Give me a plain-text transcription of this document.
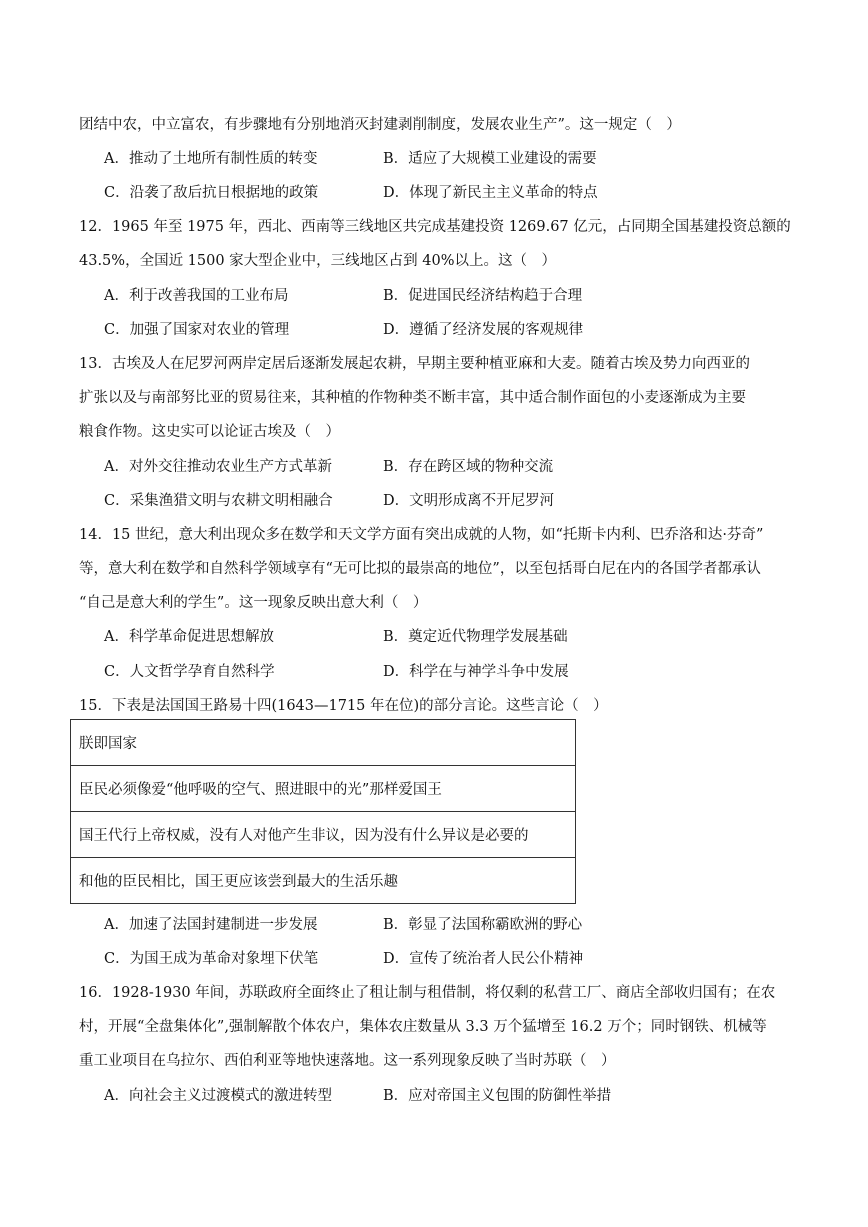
团结中农，中立富农，有步骤地有分别地消灭封建剥削制度，发展农业生产”。这一规定（　）
A．推动了土地所有制性质的转变	B．适应了大规模工业建设的需要
C．沿袭了敌后抗日根据地的政策	D．体现了新民主主义革命的特点
12．1965 年至 1975 年，西北、西南等三线地区共完成基建投资 1269.67 亿元，占同期全国基建投资总额的
43.5%，全国近 1500 家大型企业中，三线地区占到 40%以上。这（　）
A．利于改善我国的工业布局	B．促进国民经济结构趋于合理
C．加强了国家对农业的管理	D．遵循了经济发展的客观规律
13．古埃及人在尼罗河两岸定居后逐渐发展起农耕，早期主要种植亚麻和大麦。随着古埃及势力向西亚的
扩张以及与南部努比亚的贸易往来，其种植的作物种类不断丰富，其中适合制作面包的小麦逐渐成为主要
粮食作物。这史实可以论证古埃及（　）
A．对外交往推动农业生产方式革新	B．存在跨区域的物种交流
C．采集渔猎文明与农耕文明相融合	D．文明形成离不开尼罗河
14．15 世纪，意大利出现众多在数学和天文学方面有突出成就的人物，如“托斯卡内利、巴乔洛和达·芬奇”
等，意大利在数学和自然科学领域享有“无可比拟的最崇高的地位”，以至包括哥白尼在内的各国学者都承认
“自己是意大利的学生”。这一现象反映出意大利（　）
A．科学革命促进思想解放	B．奠定近代物理学发展基础
C．人文哲学孕育自然科学	D．科学在与神学斗争中发展
15．下表是法国国王路易十四(1643—1715 年在位)的部分言论。这些言论（　）
朕即国家
臣民必须像爱“他呼吸的空气、照进眼中的光”那样爱国王
国王代行上帝权威，没有人对他产生非议，因为没有什么异议是必要的
和他的臣民相比，国王更应该尝到最大的生活乐趣
A．加速了法国封建制进一步发展	B．彰显了法国称霸欧洲的野心
C．为国王成为革命对象埋下伏笔	D．宣传了统治者人民公仆精神
16．1928-1930 年间，苏联政府全面终止了租让制与租借制，将仅剩的私营工厂、商店全部收归国有；在农
村，开展“全盘集体化”,强制解散个体农户，集体农庄数量从 3.3 万个猛增至 16.2 万个；同时钢铁、机械等
重工业项目在乌拉尔、西伯利亚等地快速落地。这一系列现象反映了当时苏联（　）
A．向社会主义过渡模式的激进转型	B．应对帝国主义包围的防御性举措
